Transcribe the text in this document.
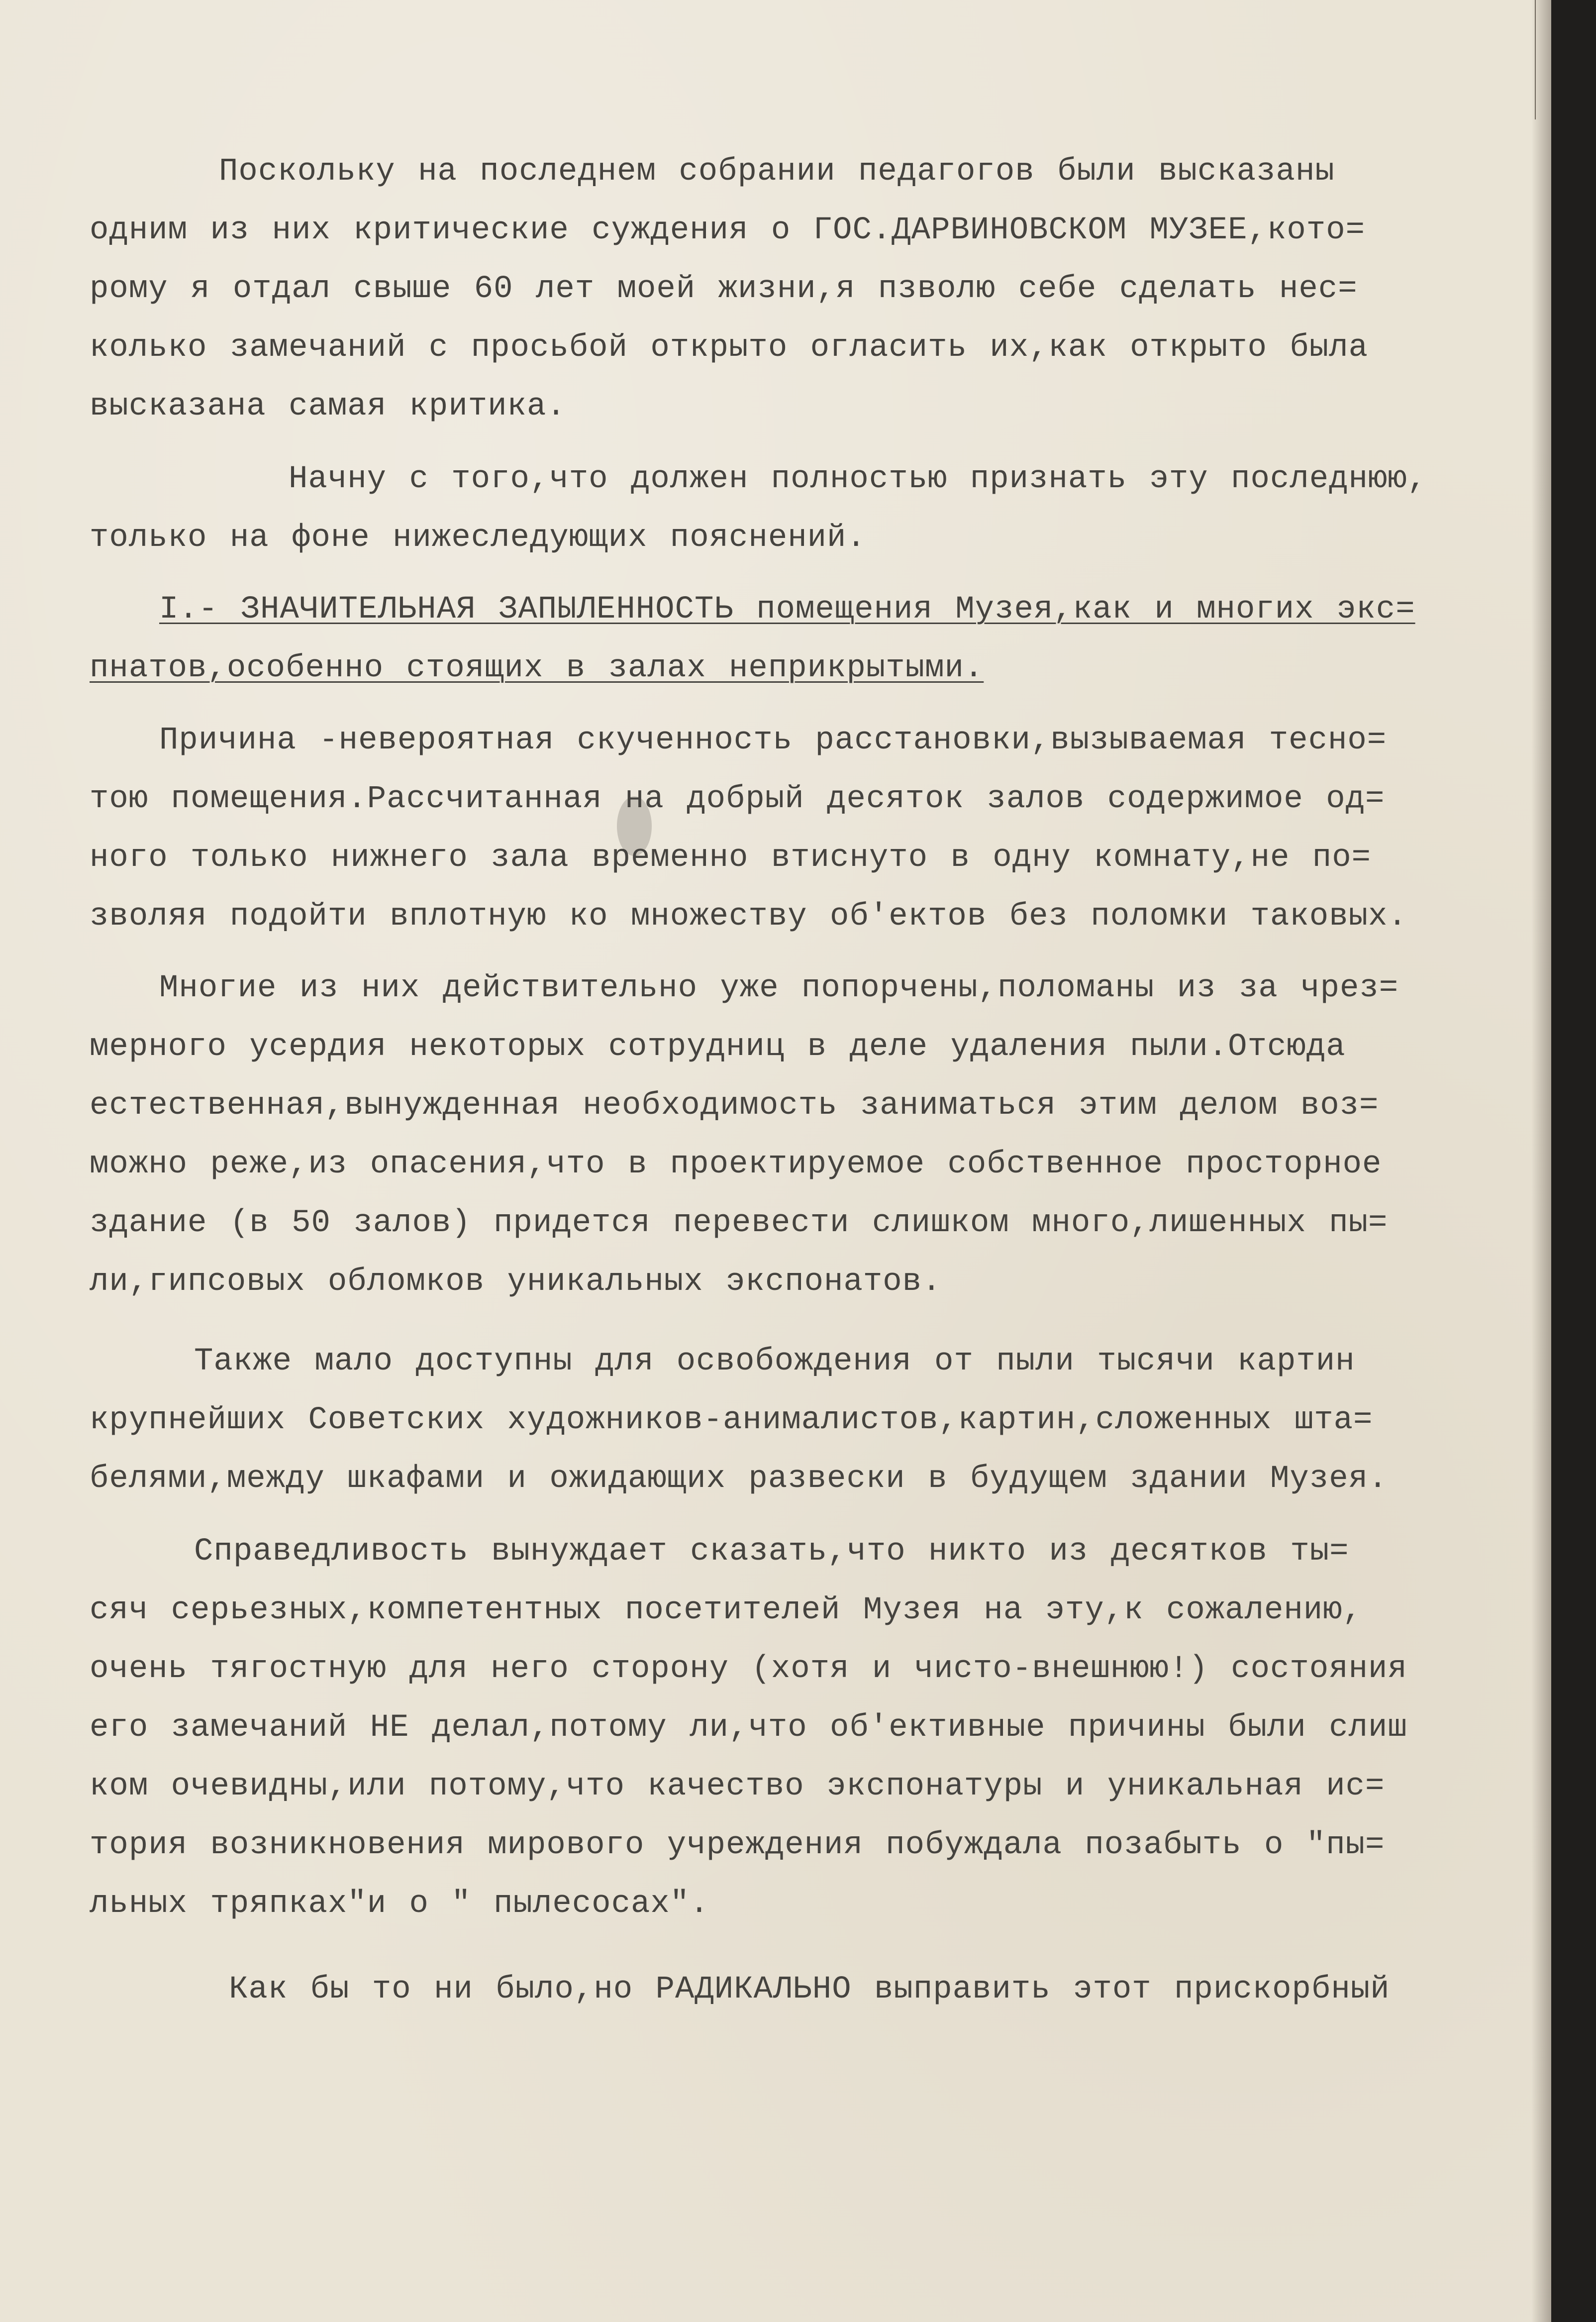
Поскольку на последнем собрании педагогов были высказаны
одним из них критические суждения о ГОС.ДАРВИНОВСКОМ МУЗЕЕ,кото=
рому я отдал свыше 60 лет моей жизни,я пзволю себе сделать нес=
колько замечаний с просьбой открыто огласить их,как открыто была
высказана самая критика.
Начну с того,что должен полностью признать эту последнюю,
только на фоне нижеследующих пояснений.
I.- ЗНАЧИТЕЛЬНАЯ ЗАПЫЛЕННОСТЬ помещения Музея,как и многих экс=
пнатов,особенно стоящих в залах неприкрытыми.
Причина -невероятная скученность расстановки,вызываемая тесно=
тою помещения.Рассчитанная на добрый десяток залов содержимое од=
ного только нижнего зала временно втиснуто в одну комнату,не по=
зволяя подойти вплотную ко множеству об'ектов без поломки таковых.
Многие из них действительно уже попорчены,поломаны из за чрез=
мерного усердия некоторых сотрудниц в деле удаления пыли.Отсюда
естественная,вынужденная необходимость заниматься этим делом воз=
можно реже,из опасения,что в проектируемое собственное просторное
здание (в 50 залов) придется перевести слишком много,лишенных пы=
ли,гипсовых обломков уникальных экспонатов.
Также мало доступны для освобождения от пыли тысячи картин
крупнейших Советских художников-анималистов,картин,сложенных шта=
белями,между шкафами и ожидающих развески в будущем здании Музея.
Справедливость вынуждает сказать,что никто из десятков ты=
сяч серьезных,компетентных посетителей Музея на эту,к сожалению,
очень тягостную для него сторону (хотя и чисто-внешнюю!) состояния
его замечаний НЕ делал,потому ли,что об'ективные причины были слиш
ком очевидны,или потому,что качество экспонатуры и уникальная ис=
тория возникновения мирового учреждения побуждала позабыть о "пы=
льных тряпках"и о " пылесосах".
Как бы то ни было,но РАДИКАЛЬНО выправить этот прискорбный
